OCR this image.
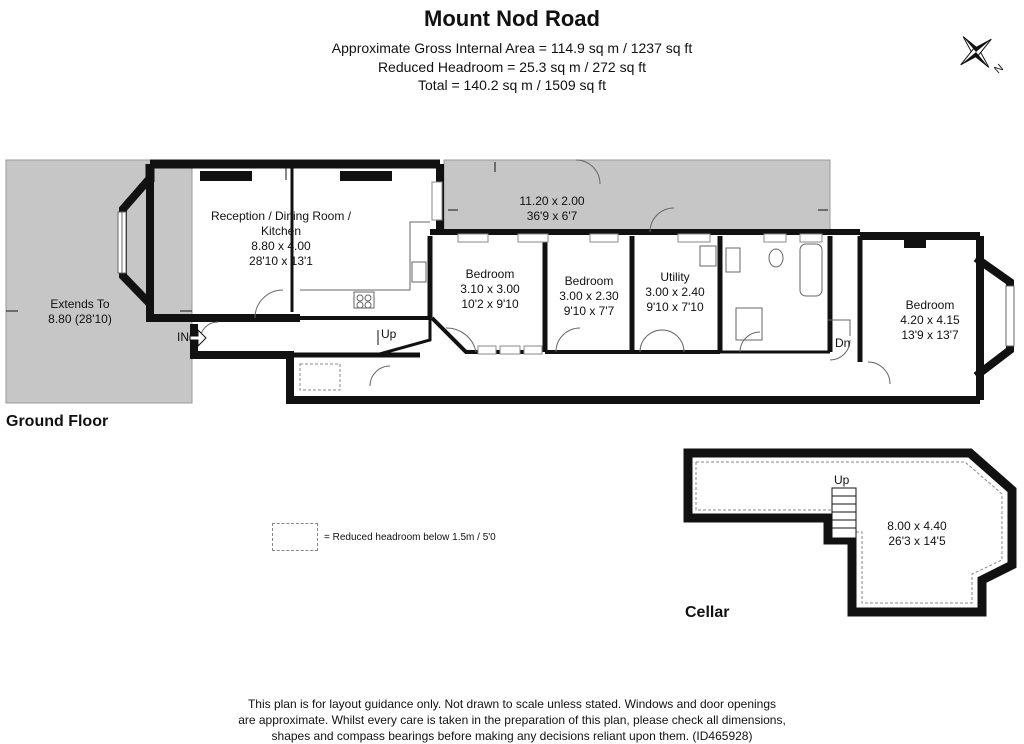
Mount Nod Road
Approximate Gross Internal Area = 114.9 sq m / 1237 sq ft
Reduced Headroom = 25.3 sq m / 272 sq ft
Total = 140.2 sq m / 1509 sq ft
N
Reception / Dining Room /
Kitchen
8.80 x 4.00
28'10 x 13'1
11.20 x 2.00
36'9 x 6'7
Extends To
8.80 (28'10)
Bedroom
3.10 x 3.00
10'2 x 9'10
Bedroom
3.00 x 2.30
9'10 x 7'7
Utility
3.00 x 2.40
9'10 x 7'10	Bedroom
4.20 x 4.15
13'9 x 13'7
8.00 x 4.40
26'3 x 14'5
IN	Up
Dn
Up
Ground Floor
Cellar
= Reduced headroom below 1.5m / 5'0
This plan is for layout guidance only. Not drawn to scale unless stated. Windows and door openings
are approximate. Whilst every care is taken in the preparation of this plan, please check all dimensions,
shapes and compass bearings before making any decisions reliant upon them. (ID465928)
